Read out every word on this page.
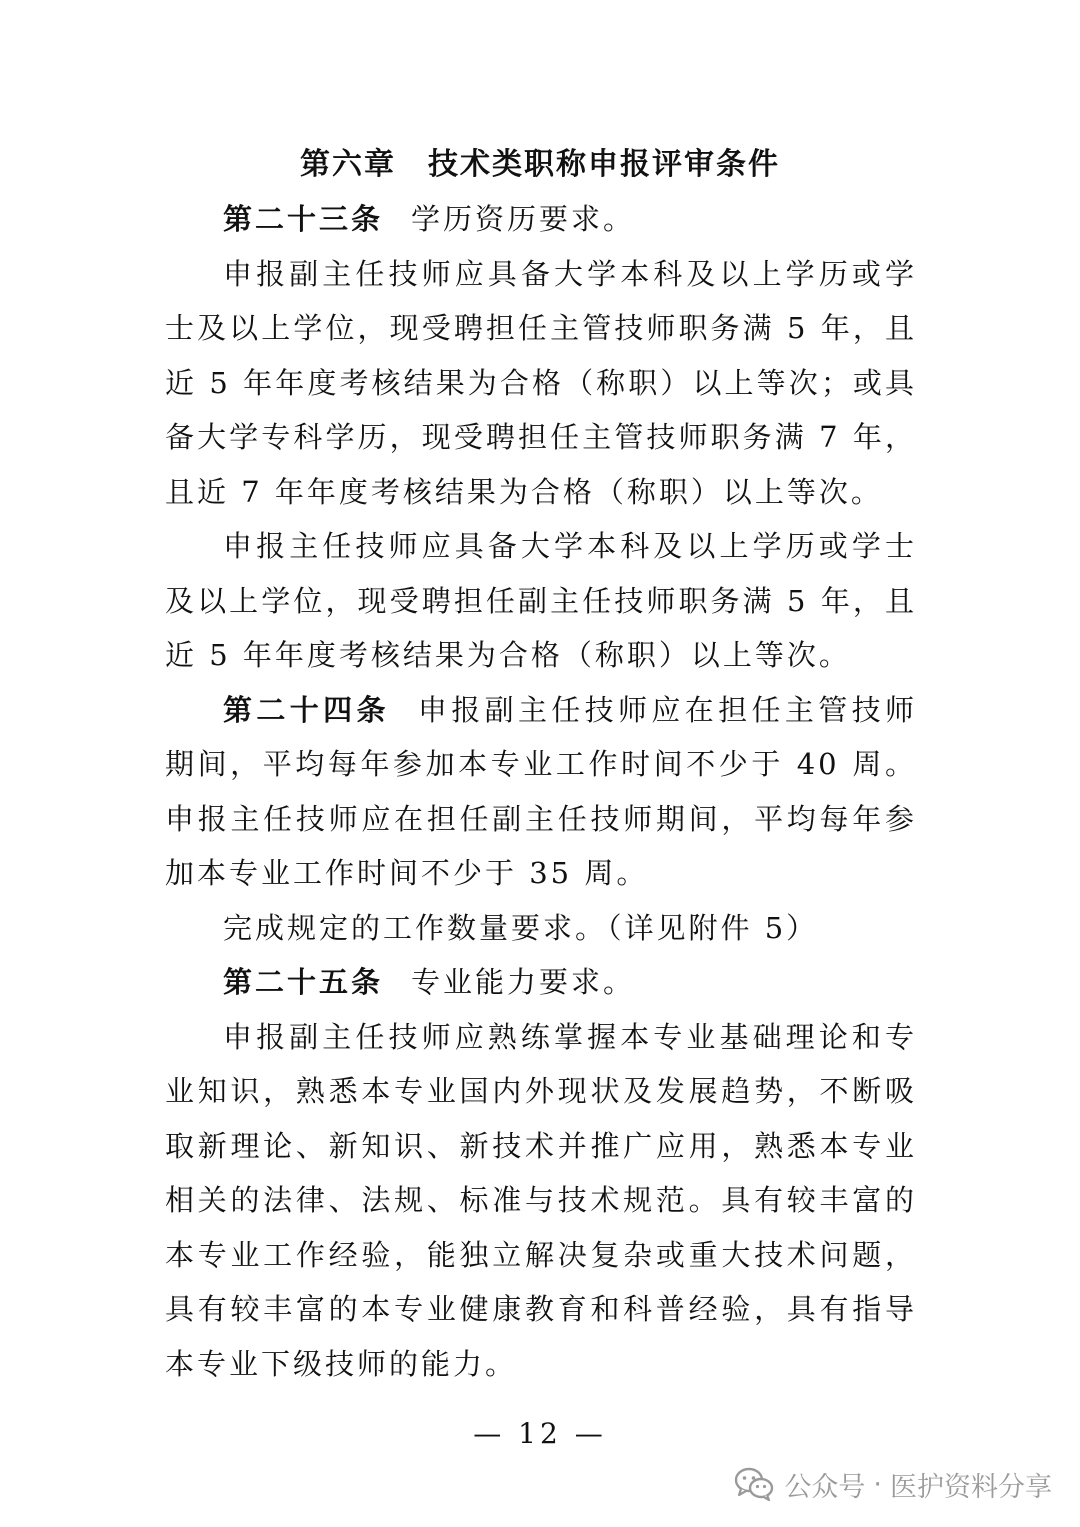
第六章　技术类职称申报评审条件

第二十三条 学历资历要求。

申报副主任技师应具备大学本科及以上学历或学士及以上学位，现受聘担任主管技师职务满 5 年，且近 5 年年度考核结果为合格（称职）以上等次；或具备大学专科学历，现受聘担任主管技师职务满 7 年，且近 7 年年度考核结果为合格（称职）以上等次。

申报主任技师应具备大学本科及以上学历或学士及以上学位，现受聘担任副主任技师职务满 5 年，且近 5 年年度考核结果为合格（称职）以上等次。

第二十四条 申报副主任技师应在担任主管技师期间，平均每年参加本专业工作时间不少于 40 周。申报主任技师应在担任副主任技师期间，平均每年参加本专业工作时间不少于 35 周。

完成规定的工作数量要求。（详见附件 5）

第二十五条 专业能力要求。

申报副主任技师应熟练掌握本专业基础理论和专业知识，熟悉本专业国内外现状及发展趋势，不断吸取新理论、新知识、新技术并推广应用，熟悉本专业相关的法律、法规、标准与技术规范。具有较丰富的本专业工作经验，能独立解决复杂或重大技术问题，具有较丰富的本专业健康教育和科普经验，具有指导本专业下级技师的能力。

— 12 —
公众号 · 医护资料分享
